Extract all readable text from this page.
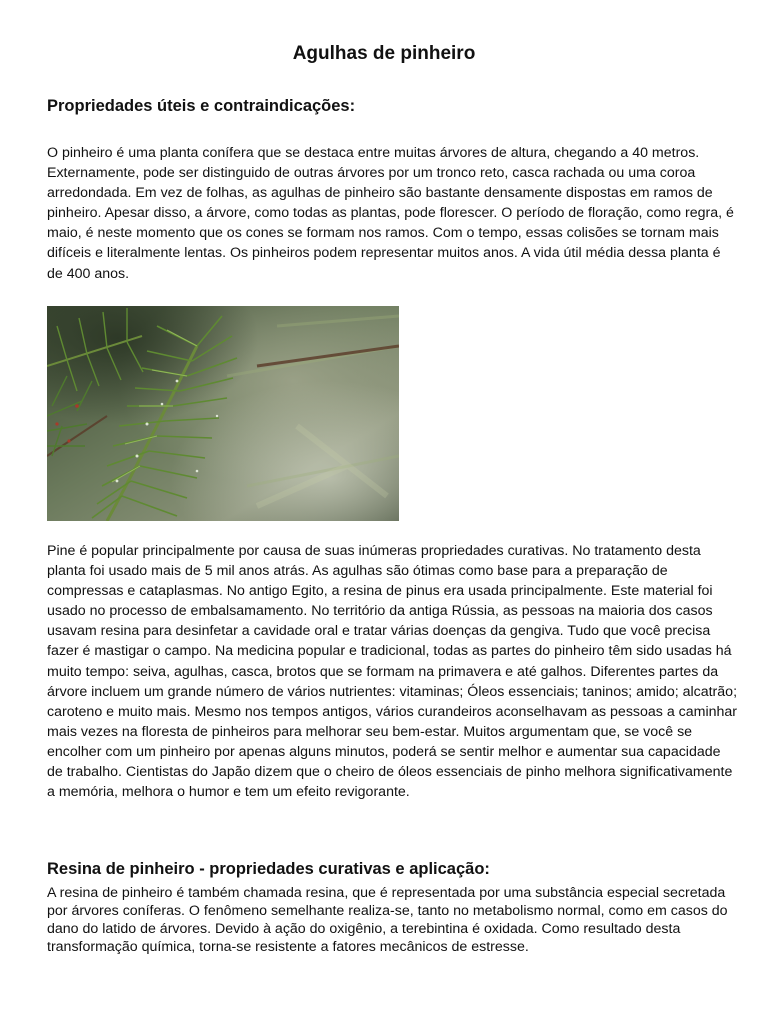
Agulhas de pinheiro
Propriedades úteis e contraindicações:

O pinheiro é uma planta conífera que se destaca entre muitas árvores de altura, chegando a 40 metros. Externamente, pode ser distinguido de outras árvores por um tronco reto, casca rachada ou uma coroa arredondada. Em vez de folhas, as agulhas de pinheiro são bastante densamente dispostas em ramos de pinheiro. Apesar disso, a árvore, como todas as plantas, pode florescer. O período de floração, como regra, é maio, é neste momento que os cones se formam nos ramos. Com o tempo, essas colisões se tornam mais difíceis e literalmente lentas. Os pinheiros podem representar muitos anos. A vida útil média dessa planta é de 400 anos.

Pine é popular principalmente por causa de suas inúmeras propriedades curativas. No tratamento desta planta foi usado mais de 5 mil anos atrás. As agulhas são ótimas como base para a preparação de compressas e cataplasmas. No antigo Egito, a resina de pinus era usada principalmente. Este material foi usado no processo de embalsamamento. No território da antiga Rússia, as pessoas na maioria dos casos usavam resina para desinfetar a cavidade oral e tratar várias doenças da gengiva. Tudo que você precisa fazer é mastigar o campo. Na medicina popular e tradicional, todas as partes do pinheiro têm sido usadas há muito tempo: seiva, agulhas, casca, brotos que se formam na primavera e até galhos. Diferentes partes da árvore incluem um grande número de vários nutrientes: vitaminas; Óleos essenciais; taninos; amido; alcatrão; caroteno e muito mais. Mesmo nos tempos antigos, vários curandeiros aconselhavam as pessoas a caminhar mais vezes na floresta de pinheiros para melhorar seu bem-estar. Muitos argumentam que, se você se encolher com um pinheiro por apenas alguns minutos, poderá se sentir melhor e aumentar sua capacidade de trabalho. Cientistas do Japão dizem que o cheiro de óleos essenciais de pinho melhora significativamente a memória, melhora o humor e tem um efeito revigorante.

Resina de pinheiro - propriedades curativas e aplicação:

A resina de pinheiro é também chamada resina, que é representada por uma substância especial secretada por árvores coníferas. O fenômeno semelhante realiza-se, tanto no metabolismo normal, como em casos do dano do latido de árvores. Devido à ação do oxigênio, a terebintina é oxidada. Como resultado desta transformação química, torna-se resistente a fatores mecânicos de estresse.
